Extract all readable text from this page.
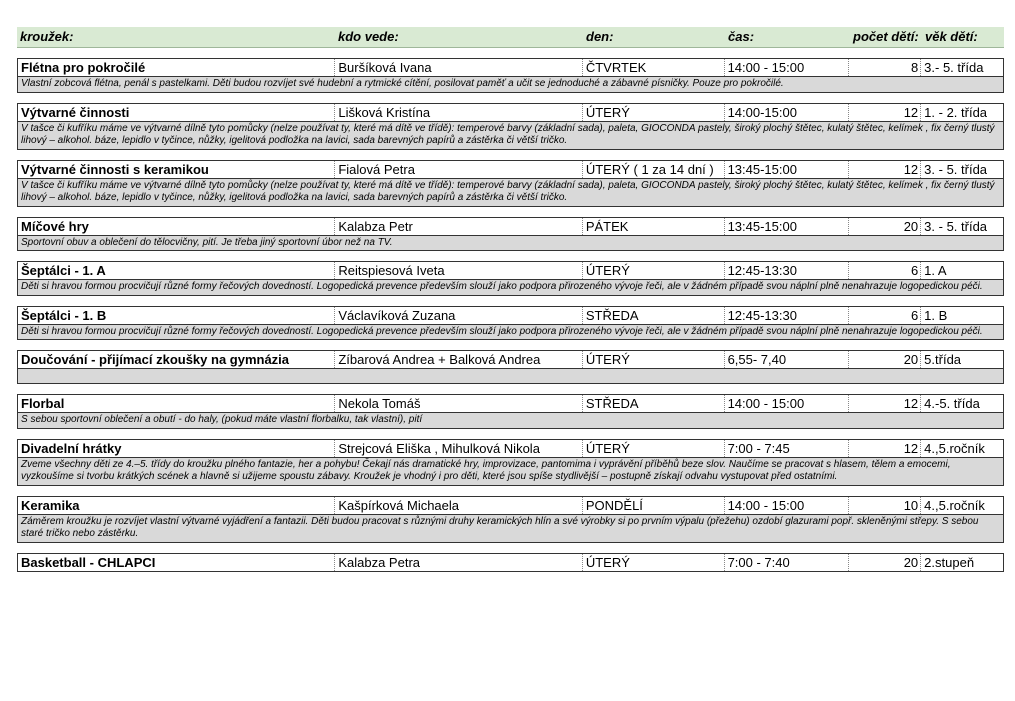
kroužek:	kdo vede:	den:	čas:	počet dětí: věk dětí:
Flétna pro pokročilé	Buršíková Ivana	ČTVRTEK	14:00 - 15:00	8 3.- 5. třída
Vlastní zobcová flétna, penál s pastelkami. Děti budou rozvíjet své hudební a rytmické cítění, posilovat paměť a učit se jednoduché a zábavné písničky. Pouze pro pokročilé.
Výtvarné činnosti	Lišková Kristína	ÚTERÝ	14:00-15:00	12 1. - 2. třída
V tašce či kufříku máme ve výtvarné dílně tyto pomůcky (nelze používat ty, které má dítě ve třídě): temperové barvy (základní sada), paleta, GIOCONDA pastely, široký plochý štětec, kulatý štětec, kelímek , fix černý tlustý lihový – alkohol. báze, lepidlo v tyčince, nůžky, igelitová podložka na lavici, sada barevných papírů a zástěrka či větší tričko.
Výtvarné činnosti s keramikou	Fialová Petra	ÚTERÝ ( 1 za 14 dní )	13:45-15:00	12 3. - 5. třída
V tašce či kufříku máme ve výtvarné dílně tyto pomůcky (nelze používat ty, které má dítě ve třídě): temperové barvy (základní sada), paleta, GIOCONDA pastely, široký plochý štětec, kulatý štětec, kelímek , fix černý tlustý lihový – alkohol. báze, lepidlo v tyčince, nůžky, igelitová podložka na lavici, sada barevných papírů a zástěrka či větší tričko.
Míčové hry	Kalabza Petr	PÁTEK	13:45-15:00	20 3. - 5. třída
Sportovní obuv a oblečení do tělocvičny, pití. Je třeba jiný sportovní úbor než na TV.
Šeptálci - 1. A	Reitspiesová Iveta	ÚTERÝ	12:45-13:30	6 1. A
Děti si hravou formou procvičují různé formy řečových dovedností. Logopedická prevence především slouží jako podpora přirozeného vývoje řeči, ale v žádném případě svou náplní plně nenahrazuje logopedickou péči.
Šeptálci - 1. B	Václavíková Zuzana	STŘEDA	12:45-13:30	6 1. B
Děti si hravou formou procvičují různé formy řečových dovedností. Logopedická prevence především slouží jako podpora přirozeného vývoje řeči, ale v žádném případě svou náplní plně nenahrazuje logopedickou péči.
Doučování - přijímací zkoušky na gymnázia	Zíbarová Andrea + Balková Andrea	ÚTERÝ	6,55- 7,40	20 5.třída
Florbal	Nekola Tomáš	STŘEDA	14:00 - 15:00	12 4.-5. třída
S sebou sportovní oblečení a obutí - do haly, (pokud máte vlastní florbalku, tak vlastní), pití
Divadelní hrátky	Strejcová Eliška , Mihulková Nikola	ÚTERÝ	7:00 - 7:45	12 4.,5.ročník
Zveme všechny děti ze 4.–5. třídy do kroužku plného fantazie, her a pohybu! Čekají nás dramatické hry, improvizace, pantomima i vyprávění příběhů beze slov. Naučíme se pracovat s hlasem, tělem a emocemi, vyzkoušíme si tvorbu krátkých scének a hlavně si užijeme spoustu zábavy. Kroužek je vhodný i pro děti, které jsou spíše stydlivější – postupně získají odvahu vystupovat před ostatními.
Keramika	Kašpírková Michaela	PONDĚLÍ	14:00 - 15:00	10 4.,5.ročník
Záměrem kroužku je rozvíjet vlastní výtvarné vyjádření a fantazii. Děti budou pracovat s různými druhy keramických hlín a své výrobky si po prvním výpalu (přežehu) ozdobí glazurami popř. skleněnými střepy. S sebou staré tričko nebo zástěrku.
Basketball - CHLAPCI	Kalabza Petra	ÚTERÝ	7:00 - 7:40	20 2.stupeň
